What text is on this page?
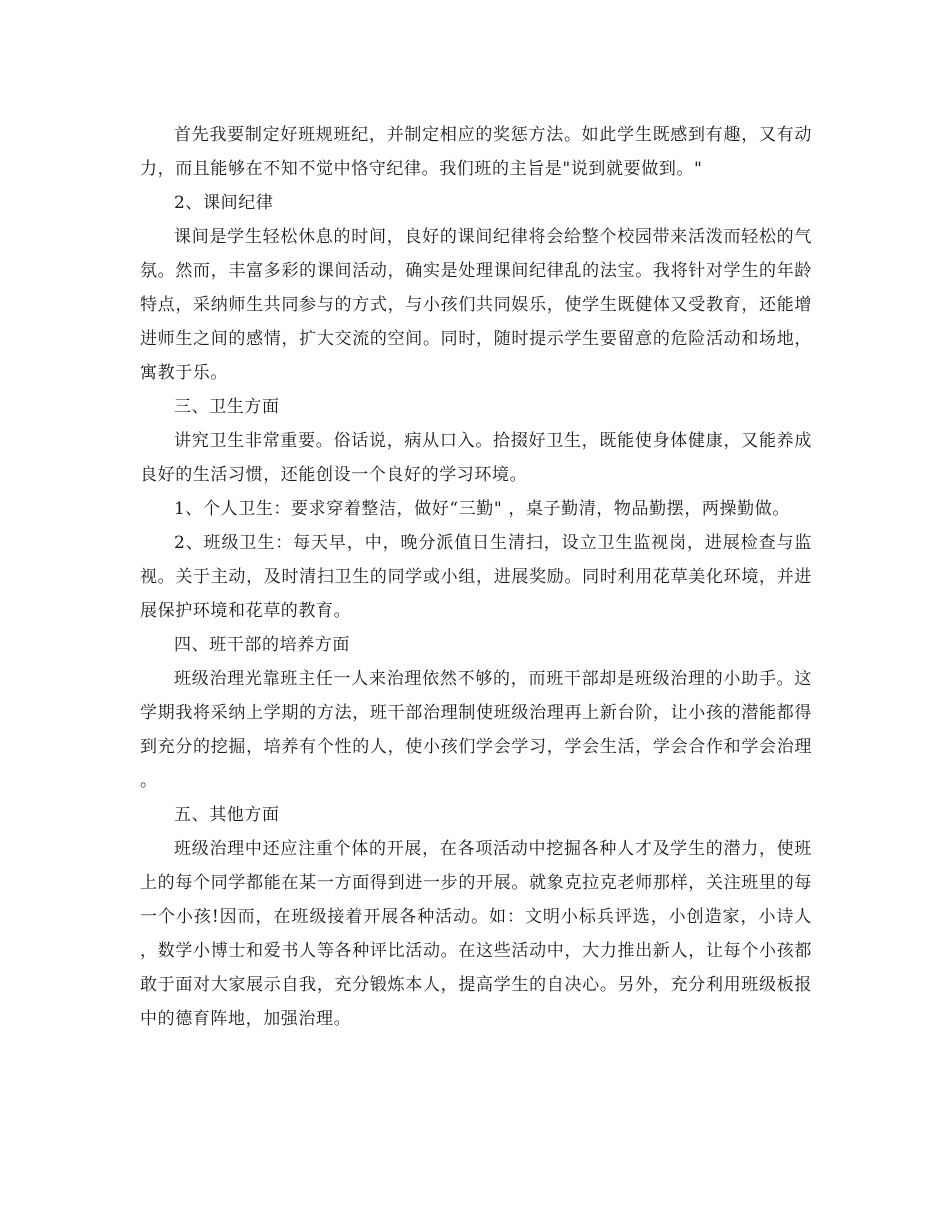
首先我要制定好班规班纪，并制定相应的奖惩方法。如此学生既感到有趣，又有动力，而且能够在不知不觉中恪守纪律。我们班的主旨是"说到就要做到。"

2、课间纪律

课间是学生轻松休息的时间，良好的课间纪律将会给整个校园带来活泼而轻松的气氛。然而，丰富多彩的课间活动，确实是处理课间纪律乱的法宝。我将针对学生的年龄特点，采纳师生共同参与的方式，与小孩们共同娱乐，使学生既健体又受教育，还能增进师生之间的感情，扩大交流的空间。同时，随时提示学生要留意的危险活动和场地，寓教于乐。

三、卫生方面

讲究卫生非常重要。俗话说，病从口入。拾掇好卫生，既能使身体健康，又能养成良好的生活习惯，还能创设一个良好的学习环境。

1、个人卫生：要求穿着整洁，做好“三勤" ，桌子勤清，物品勤摆，两操勤做。

2、班级卫生：每天早，中，晚分派值日生清扫，设立卫生监视岗，进展检查与监视。关于主动，及时清扫卫生的同学或小组，进展奖励。同时利用花草美化环境，并进展保护环境和花草的教育。

四、班干部的培养方面

班级治理光靠班主任一人来治理依然不够的，而班干部却是班级治理的小助手。这学期我将采纳上学期的方法，班干部治理制使班级治理再上新台阶，让小孩的潜能都得到充分的挖掘，培养有个性的人，使小孩们学会学习，学会生活，学会合作和学会治理。

五、其他方面

班级治理中还应注重个体的开展，在各项活动中挖掘各种人才及学生的潜力，使班上的每个同学都能在某一方面得到进一步的开展。就象克拉克老师那样，关注班里的每一个小孩!因而，在班级接着开展各种活动。如：文明小标兵评选，小创造家，小诗人，数学小博士和爱书人等各种评比活动。在这些活动中，大力推出新人，让每个小孩都敢于面对大家展示自我，充分锻炼本人，提高学生的自决心。另外，充分利用班级板报中的德育阵地，加强治理。
